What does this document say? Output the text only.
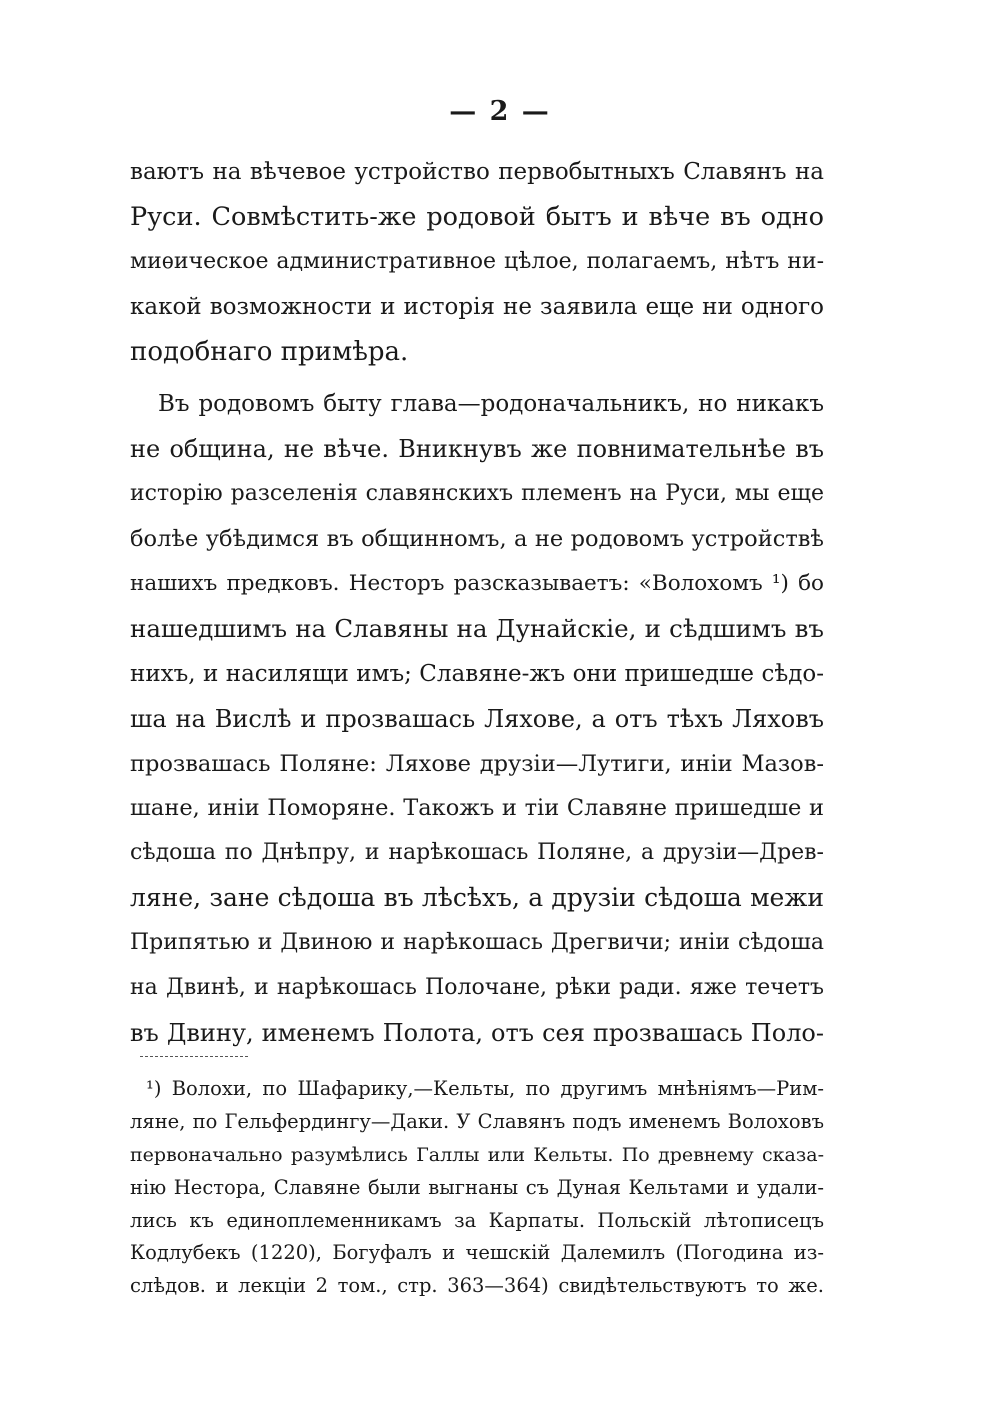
— 2 —
ваютъ на вѣчевое устройство первобытныхъ Славянъ на
Руси. Совмѣстить-же родовой бытъ и вѣче въ одно
миѳическое административное цѣлое, полагаемъ, нѣтъ ни-
какой возможности и исторія не заявила еще ни одного
подобнаго примѣра.
Въ родовомъ быту глава—родоначальникъ, но никакъ
не община, не вѣче. Вникнувъ же повнимательнѣе въ
исторію разселенія славянскихъ племенъ на Руси, мы еще
болѣе убѣдимся въ общинномъ, а не родовомъ устройствѣ
нашихъ предковъ. Несторъ разсказываетъ: «Волохомъ ¹) бо
нашедшимъ на Славяны на Дунайскіе, и сѣдшимъ въ
нихъ, и насилящи имъ; Славяне-жъ они пришедше сѣдо-
ша на Вислѣ и прозвашась Ляхове, а отъ тѣхъ Ляховъ
прозвашась Поляне: Ляхове друзіи—Лутиги, иніи Мазов-
шане, иніи Поморяне. Такожъ и тіи Славяне пришедше и
сѣдоша по Днѣпру, и нарѣкошась Поляне, а друзіи—Древ-
ляне, зане сѣдоша въ лѣсѣхъ, а друзіи сѣдоша межи
Припятью и Двиною и нарѣкошась Дрегвичи; иніи сѣдоша
на Двинѣ, и нарѣкошась Полочане, рѣки ради. яже течетъ
въ Двину, именемъ Полота, отъ сея прозвашась Поло-
¹) Волохи, по Шафарику,—Кельты, по другимъ мнѣніямъ—Рим-
ляне, по Гельфердингу—Даки. У Славянъ подъ именемъ Волоховъ
первоначально разумѣлись Галлы или Кельты. По древнему сказа-
нію Нестора, Славяне были выгнаны съ Дуная Кельтами и удали-
лись къ единоплеменникамъ за Карпаты. Польскій лѣтописецъ
Кодлубекъ (1220), Богуфалъ и чешскій Далемилъ (Погодина из-
слѣдов. и лекціи 2 том., стр. 363—364) свидѣтельствуютъ то же.
